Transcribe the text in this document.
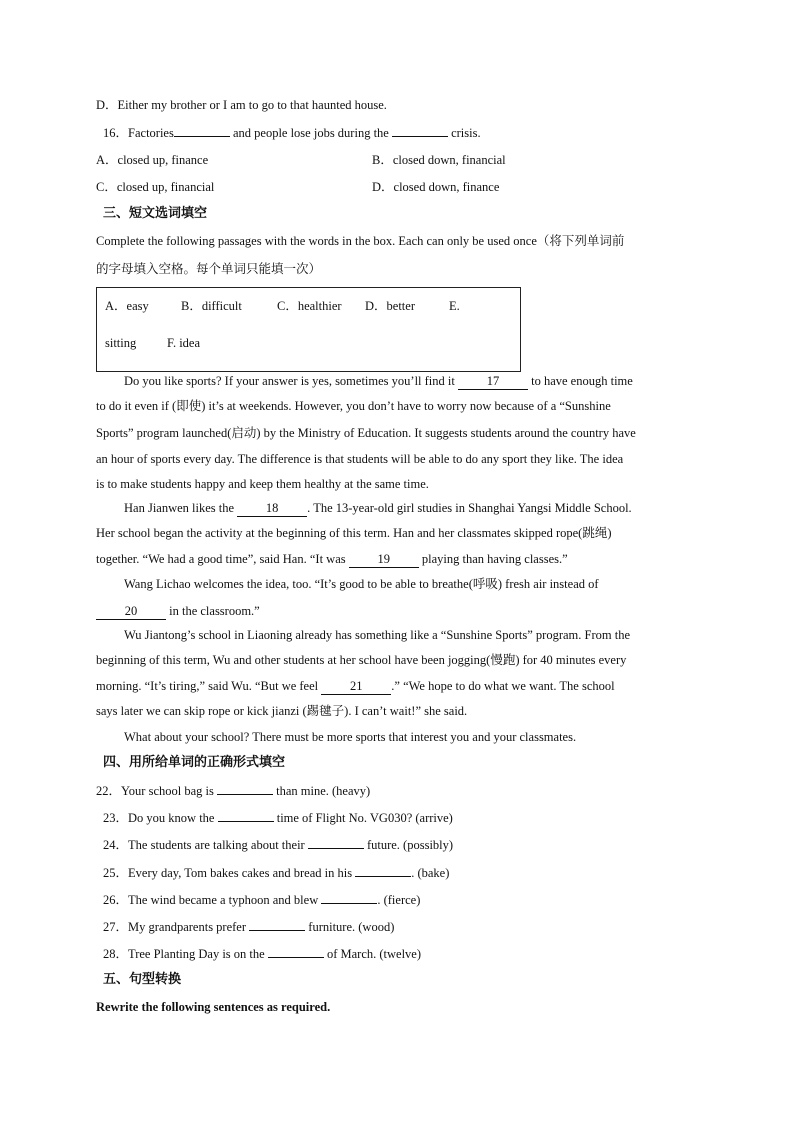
D．Either my brother or I am to go to that haunted house.
16．Factories	and people lose jobs during the	crisis.
A．closed up, finance	B．closed down, financial
C．closed up, financial	D．closed down, finance
三、短文选词填空
Complete the following passages with the words in the box. Each can only be used once（将下列单词前
的字母填入空格。每个单词只能填一次）
A．easy	B．difficult	C．healthier D．better	E.
sitting F. idea
Do you like sports? If your answer is yes, sometimes you’ll find it	17	to have enough time
to do it even if (即使) it’s at weekends. However, you don’t have to worry now because of a “Sunshine
Sports” program launched(启动) by the Ministry of Education. It suggests students around the country have
an hour of sports every day. The difference is that students will be able to do any sport they like. The idea
is to make students happy and keep them healthy at the same time.
Han Jianwen likes the	18 . The 13-year-old girl studies in Shanghai Yangsi Middle School.
Her school began the activity at the beginning of this term. Han and her classmates skipped rope(跳绳)
together. “We had a good time”, said Han. “It was	19	playing than having classes.”
Wang Lichao welcomes the idea, too. “It’s good to be able to breathe(呼吸) fresh air instead of
20	in the classroom.”
Wu Jiantong’s school in Liaoning already has something like a “Sunshine Sports” program. From the
beginning of this term, Wu and other students at her school have been jogging(慢跑) for 40 minutes every
morning. “It’s tiring,” said Wu. “But we feel	21 .” “We hope to do what we want. The school
says later we can skip rope or kick jianzi (踢毽子). I can’t wait!” she said.
What about your school? There must be more sports that interest you and your classmates.
四、用所给单词的正确形式填空
22．Your school bag is	than mine. (heavy)
23．Do you know the	time of Flight No. VG030? (arrive)
24．The students are talking about their	future. (possibly)
25．Every day, Tom bakes cakes and bread in his	. (bake)
26．The wind became a typhoon and blew	. (fierce)
27．My grandparents prefer	furniture. (wood)
28．Tree Planting Day is on the	of March. (twelve)
五、句型转换
Rewrite the following sentences as required.
